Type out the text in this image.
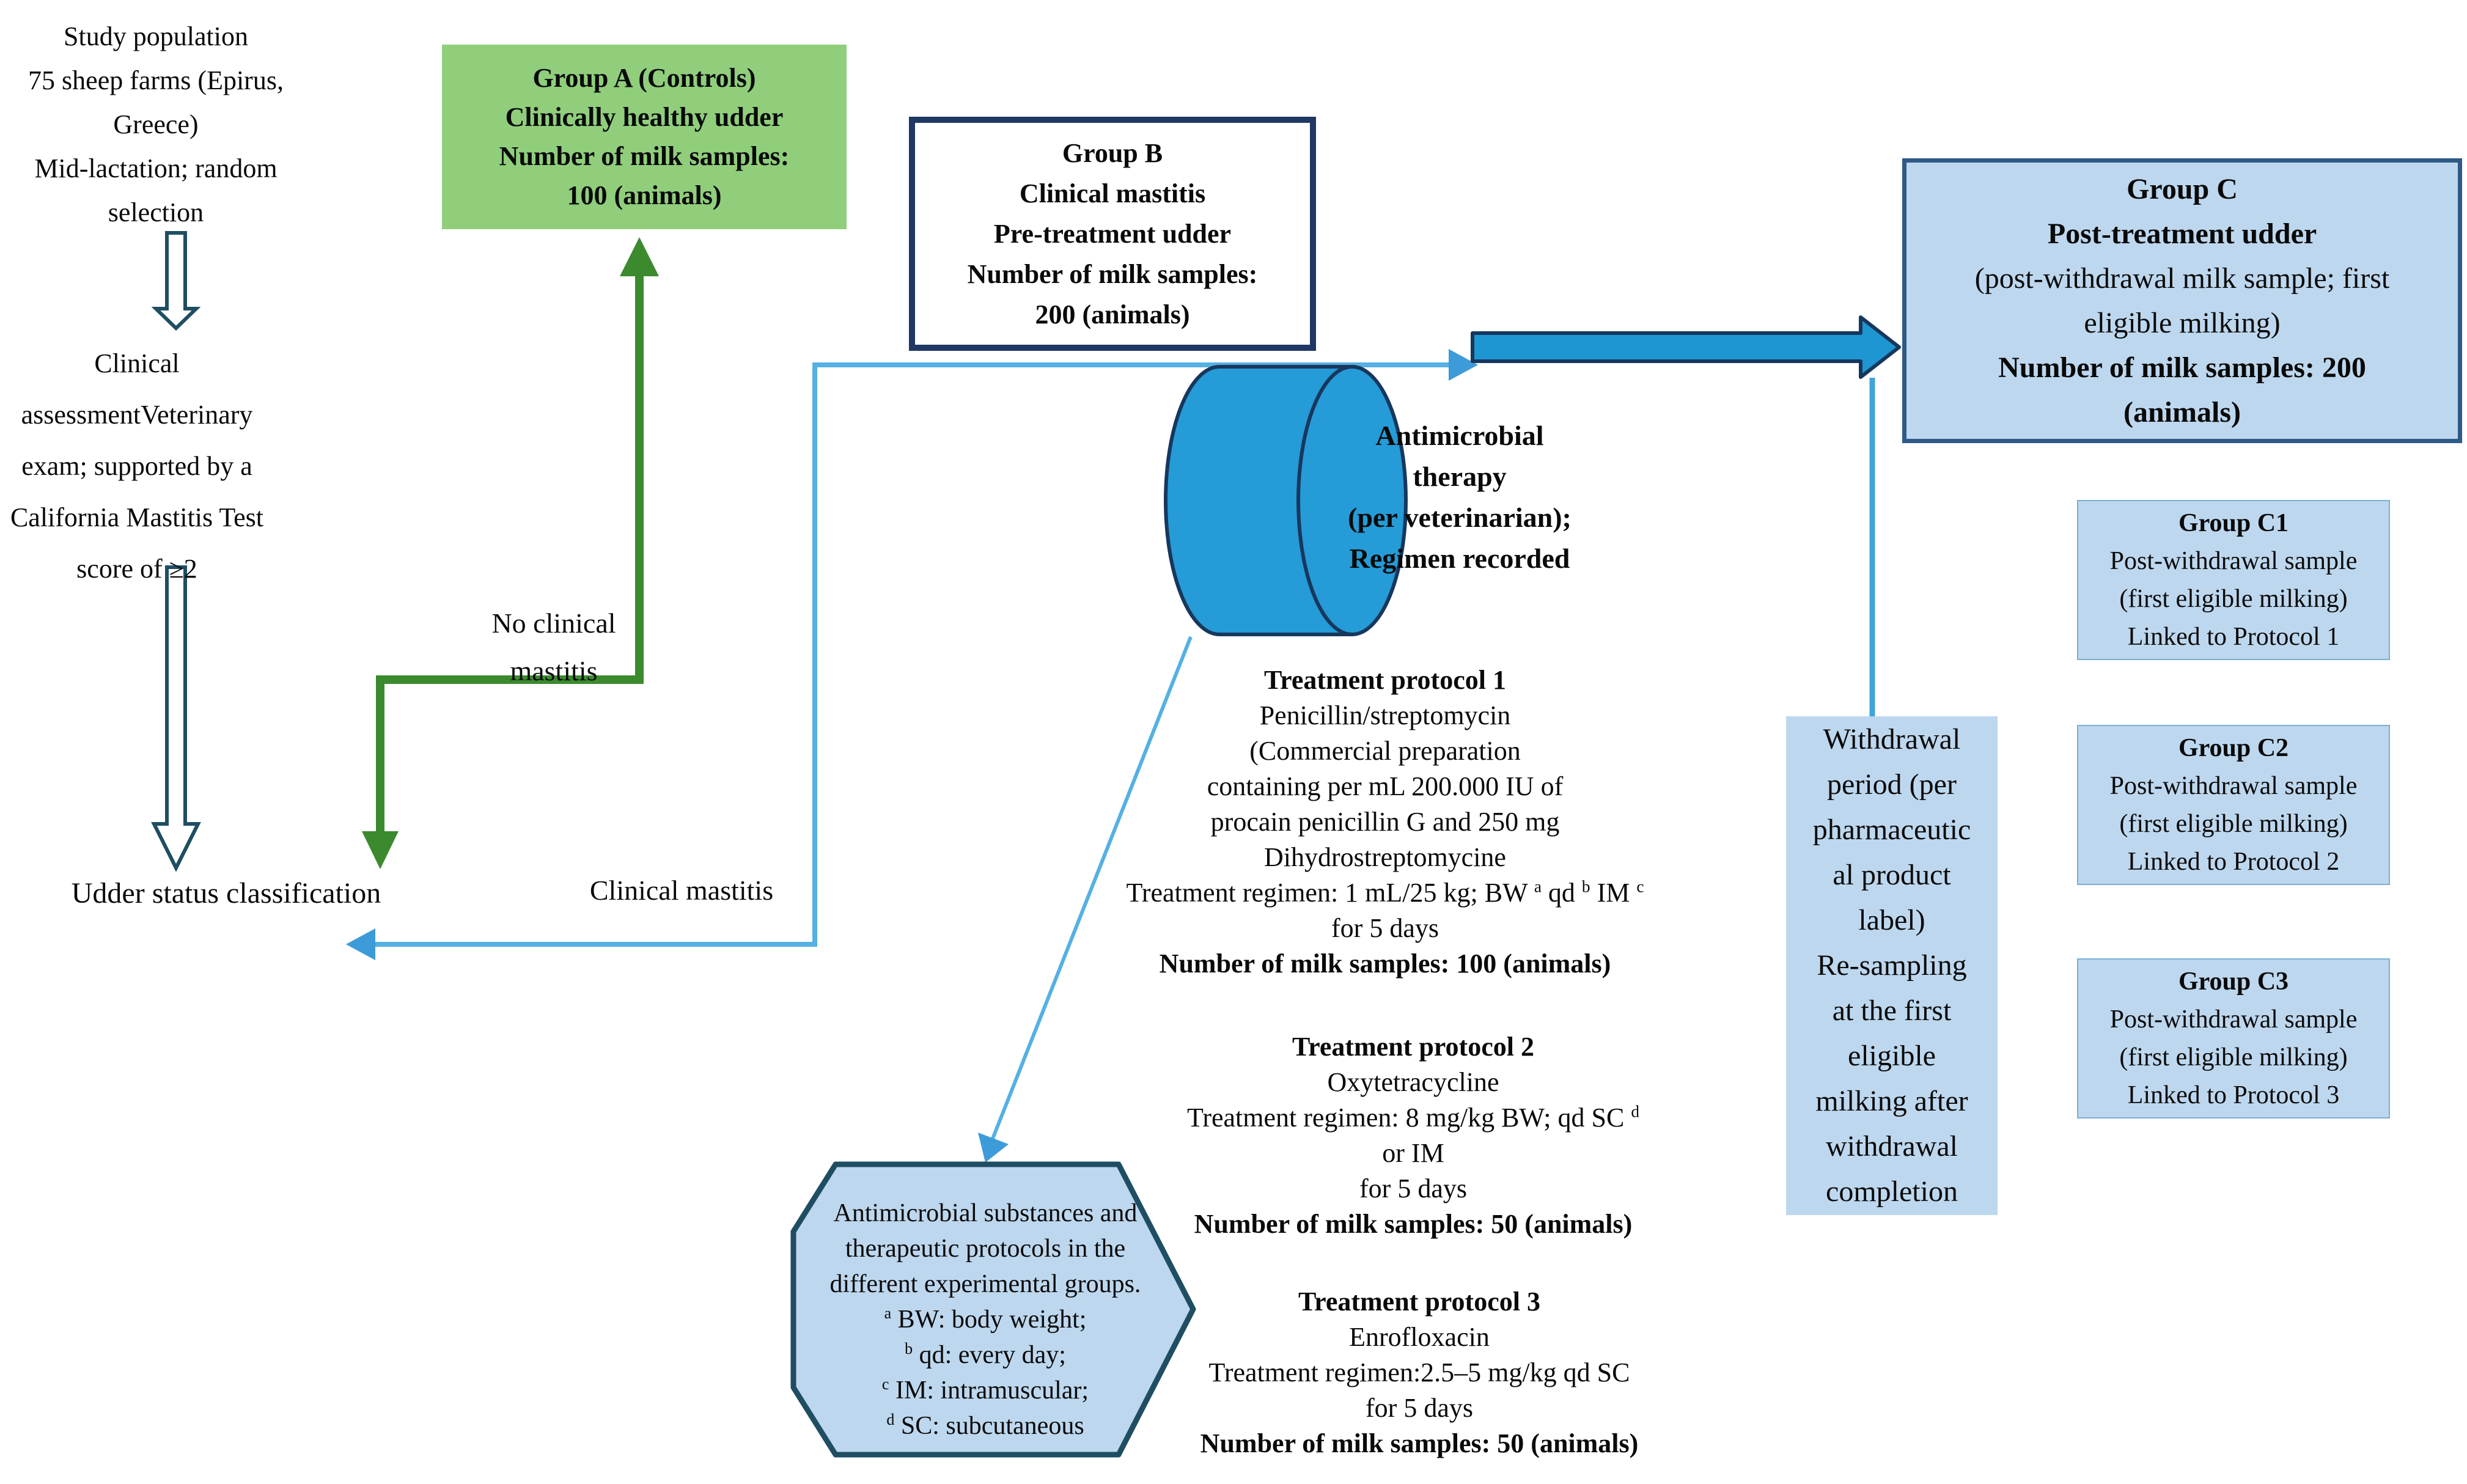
Study population
75 sheep farms (Epirus,
Greece)
Mid-lactation; random
selection
Clinical
assessmentVeterinary
exam; supported by a
California Mastitis Test
score of ≥2
Udder status classification
No clinical
mastitis
Clinical mastitis
Group A (Controls)
Clinically healthy udder
Number of milk samples:
100 (animals)
Group B
Clinical mastitis
Pre-treatment udder
Number of milk samples:
200 (animals)
Group C
Post-treatment udder
(post-withdrawal milk sample; first
eligible milking)
Number of milk samples: 200
(animals)
Withdrawal
period (per
pharmaceutic
al product
label)
Re-sampling
at the first
eligible
milking after
withdrawal
completion
Group C1
Post-withdrawal sample
(first eligible milking)
Linked to Protocol 1
Group C2
Post-withdrawal sample
(first eligible milking)
Linked to Protocol 2
Group C3
Post-withdrawal sample
(first eligible milking)
Linked to Protocol 3
Antimicrobial
therapy
(per veterinarian);
Regimen recorded
Treatment protocol 1
Penicillin/streptomycin
(Commercial preparation
containing per mL 200.000 IU of
procain penicillin G and 250 mg
Dihydrostreptomycine
Treatment regimen: 1 mL/25 kg; BW $^a$ qd $^b$ IM $^c$
for 5 days
Number of milk samples: 100 (animals)
Treatment protocol 2
Oxytetracycline
Treatment regimen: 8 mg/kg BW; qd SC $^d$
or IM
for 5 days
Number of milk samples: 50 (animals)
Treatment protocol 3
Enrofloxacin
Treatment regimen:2.5–5 mg/kg qd SC
for 5 days
Number of milk samples: 50 (animals)
Antimicrobial substances and
therapeutic protocols in the
different experimental groups.
$^a$ BW: body weight;
$^b$ qd: every day;
$^c$ IM: intramuscular;
$^d$ SC: subcutaneous
